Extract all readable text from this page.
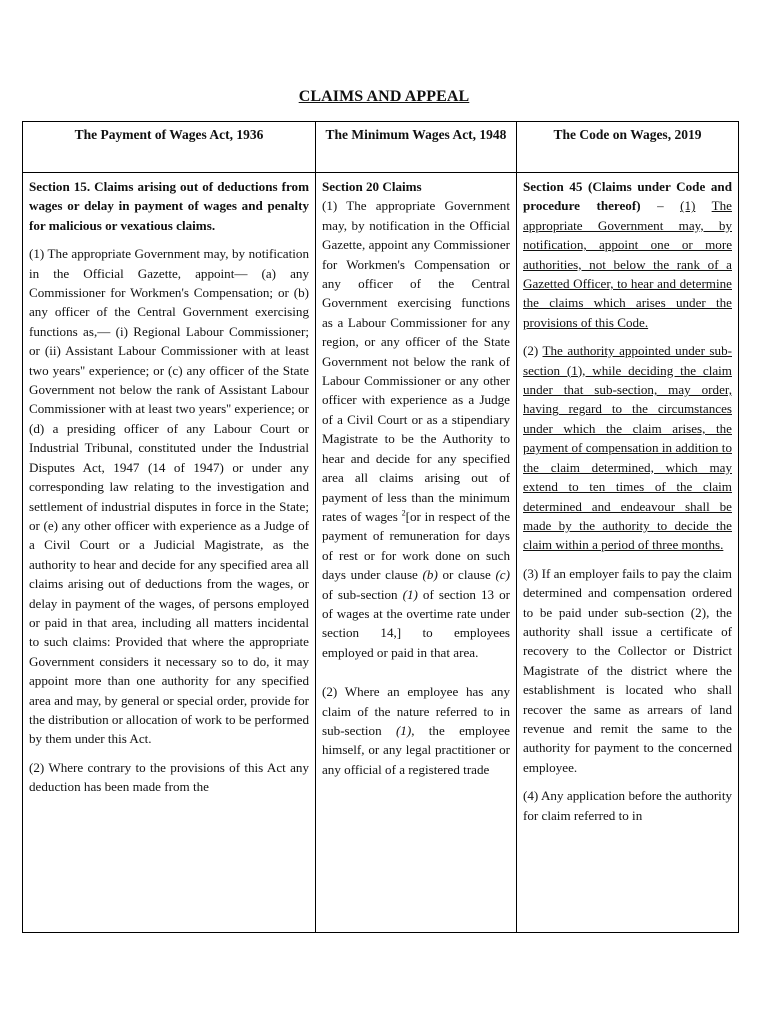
CLAIMS AND APPEAL
The Payment of Wages Act, 1936	The Minimum Wages Act, 1948	The Code on Wages, 2019

Section 15. Claims arising out of deductions from wages or delay in payment of wages and penalty for malicious or vexatious claims.

(1) The appropriate Government may, by notification in the Official Gazette, appoint— (a) any Commissioner for Workmen's Compensation; or (b) any officer of the Central Government exercising functions as,— (i) Regional Labour Commissioner; or (ii) Assistant Labour Commissioner with at least two years'' experience; or (c) any officer of the State Government not below the rank of Assistant Labour Commissioner with at least two years'' experience; or (d) a presiding officer of any Labour Court or Industrial Tribunal, constituted under the Industrial Disputes Act, 1947 (14 of 1947) or under any corresponding law relating to the investigation and settlement of industrial disputes in force in the State; or (e) any other officer with experience as a Judge of a Civil Court or a Judicial Magistrate, as the authority to hear and decide for any specified area all claims arising out of deductions from the wages, or delay in payment of the wages, of persons employed or paid in that area, including all matters incidental to such claims: Provided that where the appropriate Government considers it necessary so to do, it may appoint more than one authority for any specified area and may, by general or special order, provide for the distribution or allocation of work to be performed by them under this Act.

(2) Where contrary to the provisions of this Act any deduction has been made from the

Section 20 Claims

(1) The appropriate Government may, by notification in the Official Gazette, appoint any Commissioner for Workmen's Compensation or any officer of the Central Government exercising functions as a Labour Commissioner for any region, or any officer of the State Government not below the rank of Labour Commissioner or any other officer with experience as a Judge of a Civil Court or as a stipendiary Magistrate to be the Authority to hear and decide for any specified area all claims arising out of payment of less than the minimum rates of wages $^2$[or in respect of the payment of remuneration for days of rest or for work done on such days under clause (b) or clause (c) of sub-section (1) of section 13 or of wages at the overtime rate under section 14,] to employees employed or paid in that area.

(2) Where an employee has any claim of the nature referred to in sub-section (1), the employee himself, or any legal practitioner or any official of a registered trade

Section 45 (Claims under Code and procedure thereof) – (1) The appropriate Government may, by notification, appoint one or more authorities, not below the rank of a Gazetted Officer, to hear and determine the claims which arises under the provisions of this Code.

(2) The authority appointed under sub-section (1), while deciding the claim under that sub-section, may order, having regard to the circumstances under which the claim arises, the payment of compensation in addition to the claim determined, which may extend to ten times of the claim determined and endeavour shall be made by the authority to decide the claim within a period of three months.

(3) If an employer fails to pay the claim determined and compensation ordered to be paid under sub-section (2), the authority shall issue a certificate of recovery to the Collector or District Magistrate of the district where the establishment is located who shall recover the same as arrears of land revenue and remit the same to the authority for payment to the concerned employee.

(4) Any application before the authority for claim referred to in
